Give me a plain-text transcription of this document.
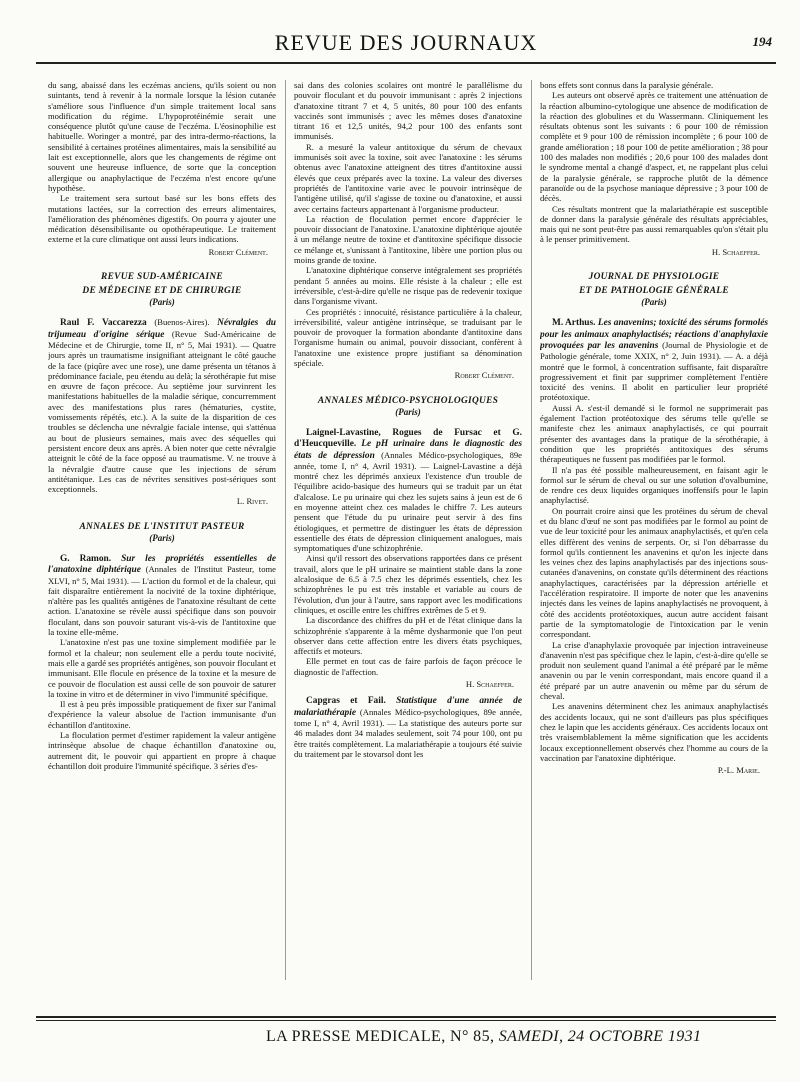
REVUE DES JOURNAUX	194

du sang, abaissé dans les eczémas anciens, qu'ils soient ou non suintants, tend à revenir à la normale lorsque la lésion cutanée s'améliore sous l'influence d'un simple traitement local sans modification du régime. L'hypoprotéinémie serait une conséquence plutôt qu'une cause de l'eczéma. L'éosinophilie est habituelle. Woringer a montré, par des intra-dermo-réactions, la sensibilité à certaines protéines alimentaires, mais la sensibilité au lait est exceptionnelle, alors que les changements de régime ont souvent une heureuse influence, de sorte que la conception allergique ou anaphylactique de l'eczéma n'est encore qu'une hypothèse.

Le traitement sera surtout basé sur les bons effets des mutations lactées, sur la correction des erreurs alimentaires, l'amélioration des phénomènes digestifs. On pourra y ajouter une médication désensibilisante ou opothérapeutique. Le traitement externe et la cure climatique ont aussi leurs indications.

Robert Clément.

REVUE SUD-AMÉRICAINE

DE MÉDECINE ET DE CHIRURGIE

(Paris)

Raul F. Vaccarezza (Buenos-Aires). Névralgies du trijumeau d'origine sérique (Revue Sud-Américaine de Médecine et de Chirurgie, tome II, n° 5, Mai 1931). — Quatre jours après un traumatisme insignifiant atteignant le côté gauche de la face (piqûre avec une rose), une dame présenta un tétanos à prédominance faciale, peu étendu au delà; la sérothérapie fut mise en œuvre de façon précoce. Au septième jour survinrent les manifestations habituelles de la maladie sérique, concurremment avec des manifestations plus rares (hématuries, cystite, vomissements répétés, etc.). A la suite de la disparition de ces troubles se déclencha une névralgie faciale intense, qui s'atténua au bout de plusieurs semaines, mais avec des séquelles qui persistent encore deux ans après. A bien noter que cette névralgie atteignit le côté de la face opposé au traumatisme. V. ne trouve à la névralgie d'autre cause que les injections de sérum antitétanique. Les cas de névrites sensitives post-sériques sont exceptionnels.

L. Rivet.

ANNALES DE L'INSTITUT PASTEUR

(Paris)

G. Ramon. Sur les propriétés essentielles de l'anatoxine diphtérique (Annales de l'Institut Pasteur, tome XLVI, n° 5, Mai 1931). — L'action du formol et de la chaleur, qui fait disparaître entièrement la nocivité de la toxine diphtérique, n'altère pas les qualités antigènes de l'anatoxine résultant de cette action. L'anatoxine se révèle aussi spécifique dans son pouvoir floculant, dans son pouvoir saturant vis-à-vis de l'antitoxine que la toxine elle-même.

L'anatoxine n'est pas une toxine simplement modifiée par le formol et la chaleur; non seulement elle a perdu toute nocivité, mais elle a gardé ses propriétés antigènes, son pouvoir floculant et immunisant. Elle flocule en présence de la toxine et la mesure de ce pouvoir de floculation est aussi celle de son pouvoir de saturer la toxine in vitro et de déterminer in vivo l'immunité spécifique.

Il est à peu près impossible pratiquement de fixer sur l'animal d'expérience la valeur absolue de l'action immunisante d'un échantillon d'antitoxine.

La floculation permet d'estimer rapidement la valeur antigène intrinsèque absolue de chaque échantillon d'anatoxine ou, autrement dit, le pouvoir qui appartient en propre à chaque échantillon doit produire l'immunité spécifique. 3 séries d'es-

sai dans des colonies scolaires ont montré le parallélisme du pouvoir floculant et du pouvoir immunisant : après 2 injections d'anatoxine titrant 7 et 4, 5 unités, 80 pour 100 des enfants vaccinés sont immunisés ; avec les mêmes doses d'anatoxine titrant 16 et 12,5 unités, 94,2 pour 100 des enfants sont immunisés.

R. a mesuré la valeur antitoxique du sérum de chevaux immunisés soit avec la toxine, soit avec l'anatoxine : les sérums obtenus avec l'anatoxine atteignent des titres d'antitoxine aussi élevés que ceux préparés avec la toxine. La valeur des diverses propriétés de l'antitoxine varie avec le pouvoir intrinsèque de l'antigène utilisé, qu'il s'agisse de toxine ou d'anatoxine, et aussi avec certains facteurs appartenant à l'organisme producteur.

La réaction de floculation permet encore d'apprécier le pouvoir dissociant de l'anatoxine. L'anatoxine diphtérique ajoutée à un mélange neutre de toxine et d'antitoxine spécifique dissocie ce mélange et, s'unissant à l'antitoxine, libère une portion plus ou moins grande de toxine.

L'anatoxine diphtérique conserve intégralement ses propriétés pendant 5 années au moins. Elle résiste à la chaleur ; elle est irréversible, c'est-à-dire qu'elle ne risque pas de redevenir toxique dans l'organisme vivant.

Ces propriétés : innocuité, résistance particulière à la chaleur, irréversibilité, valeur antigène intrinsèque, se traduisant par le pouvoir de provoquer la formation abondante d'antitoxine dans l'organisme humain ou animal, pouvoir dissociant, confèrent à l'anatoxine une existence propre justifiant sa dénomination spéciale.

Robert Clément.

ANNALES MÉDICO-PSYCHOLOGIQUES

(Paris)

Laignel-Lavastine, Rogues de Fursac et G. d'Heucqueville. Le pH urinaire dans le diagnostic des états de dépression (Annales Médico-psychologiques, 89e année, tome I, n° 4, Avril 1931). — Laignel-Lavastine a déjà montré chez les déprimés anxieux l'existence d'un trouble de l'équilibre acido-basique des humeurs qui se traduit par un état d'alcalose. Le pu urinaire qui chez les sujets sains à jeun est de 6 en moyenne atteint chez ces malades le chiffre 7. Les auteurs pensent que l'étude du pu urinaire peut servir à des fins étiologiques, et permettre de distinguer les états de dépression essentielle des états de dépression cliniquement analogues, mais symptomatiques d'une schizophrénie.

Ainsi qu'il ressort des observations rapportées dans ce présent travail, alors que le pH urinaire se maintient stable dans la zone alcalosique de 6.5 à 7.5 chez les déprimés essentiels, chez les schizophrènes le pu est très instable et variable au cours de l'évolution, d'un jour à l'autre, sans rapport avec les modifications cliniques, et oscille entre les chiffres extrêmes de 5 et 9.

La discordance des chiffres du pH et de l'état clinique dans la schizophrénie s'apparente à la même dysharmonie que l'on peut observer dans cette affection entre les divers états psychiques, affectifs et moteurs.

Elle permet en tout cas de faire parfois de façon précoce le diagnostic de l'affection.

H. Schaeffer.

Capgras et Fail. Statistique d'une année de malariathérapie (Annales Médico-psychologiques, 89e année, tome I, n° 4, Avril 1931). — La statistique des auteurs porte sur 46 malades dont 34 malades seulement, soit 74 pour 100, ont pu être traités complètement. La malariathérapie a toujours été suivie du traitement par le stovarsol dont les

bons effets sont connus dans la paralysie générale.

Les auteurs ont observé après ce traitement une atténuation de la réaction albumino-cytologique une absence de modification de la réaction des globulines et du Wassermann. Cliniquement les résultats obtenus sont les suivants : 6 pour 100 de rémission complète et 9 pour 100 de rémission incomplète ; 6 pour 100 de grande amélioration ; 18 pour 100 de petite amélioration ; 38 pour 100 des malades non modifiés ; 20,6 pour 100 des malades dont le syndrome mental a changé d'aspect, et, ne rappelant plus celui de la paralysie générale, se rapproche plutôt de la démence paranoïde ou de la psychose maniaque dépressive ; 3 pour 100 de décès.

Ces résultats montrent que la malariathérapie est susceptible de donner dans la paralysie générale des résultats appréciables, mais qui ne sont peut-être pas aussi remarquables qu'on s'était plu à le penser primitivement.

H. Schaeffer.

JOURNAL DE PHYSIOLOGIE

ET DE PATHOLOGIE GÉNÉRALE

(Paris)

M. Arthus. Les anavenins; toxicité des sérums formolés pour les animaux anaphylactisés; réactions d'anaphylaxie provoquées par les anavenins (Journal de Physiologie et de Pathologie générale, tome XXIX, n° 2, Juin 1931). — A. a déjà montré que le formol, à concentration suffisante, fait disparaître progressivement et finit par supprimer complètement l'entière toxicité des venins. Il abolit en particulier leur propriété protéotoxique.

Aussi A. s'est-il demandé si le formol ne supprimerait pas également l'action protéotoxique des sérums telle qu'elle se manifeste chez les animaux anaphylactisés, ce qui pourrait présenter des avantages dans la pratique de la sérothérapie, à condition que les propriétés antitoxiques des sérums thérapeutiques ne fussent pas modifiées par le formol.

Il n'a pas été possible malheureusement, en faisant agir le formol sur le sérum de cheval ou sur une solution d'ovalbumine, de rendre ces deux liquides organiques inoffensifs pour le lapin anaphylactisé.

On pourrait croire ainsi que les protéines du sérum de cheval et du blanc d'œuf ne sont pas modifiées par le formol au point de vue de leur toxicité pour les animaux anaphylactisés, et qu'en cela elles diffèrent des venins de serpents. Or, si l'on débarrasse du formol qu'ils contiennent les anavenins et qu'on les injecte dans les veines chez des lapins anaphylactisés par des injections sous-cutanées d'anavenins, on constate qu'ils déterminent des réactions anaphylactiques, caractérisées par la dépression artérielle et l'accélération respiratoire. Il importe de noter que les anavenins injectés dans les veines de lapins anaphylactisés ne provoquent, à côté des accidents protéotoxiques, aucun autre accident faisant partie de la symptomatologie de l'intoxication par le venin correspondant.

La crise d'anaphylaxie provoquée par injection intraveineuse d'anavenin n'est pas spécifique chez le lapin, c'est-à-dire qu'elle se produit non seulement quand l'animal a été préparé par le même anavenin ou par le venin correspondant, mais encore quand il a été préparé par un autre anavenin ou même par du sérum de cheval.

Les anavenins déterminent chez les animaux anaphylactisés des accidents locaux, qui ne sont d'ailleurs pas plus spécifiques chez le lapin que les accidents généraux. Ces accidents locaux ont très vraisemblablement la même signification que les accidents locaux exceptionnellement observés chez l'homme au cours de la vaccination par l'anatoxine diphtérique.

P.-L. Marie.

LA PRESSE MEDICALE, N° 85, SAMEDI, 24 OCTOBRE 1931
